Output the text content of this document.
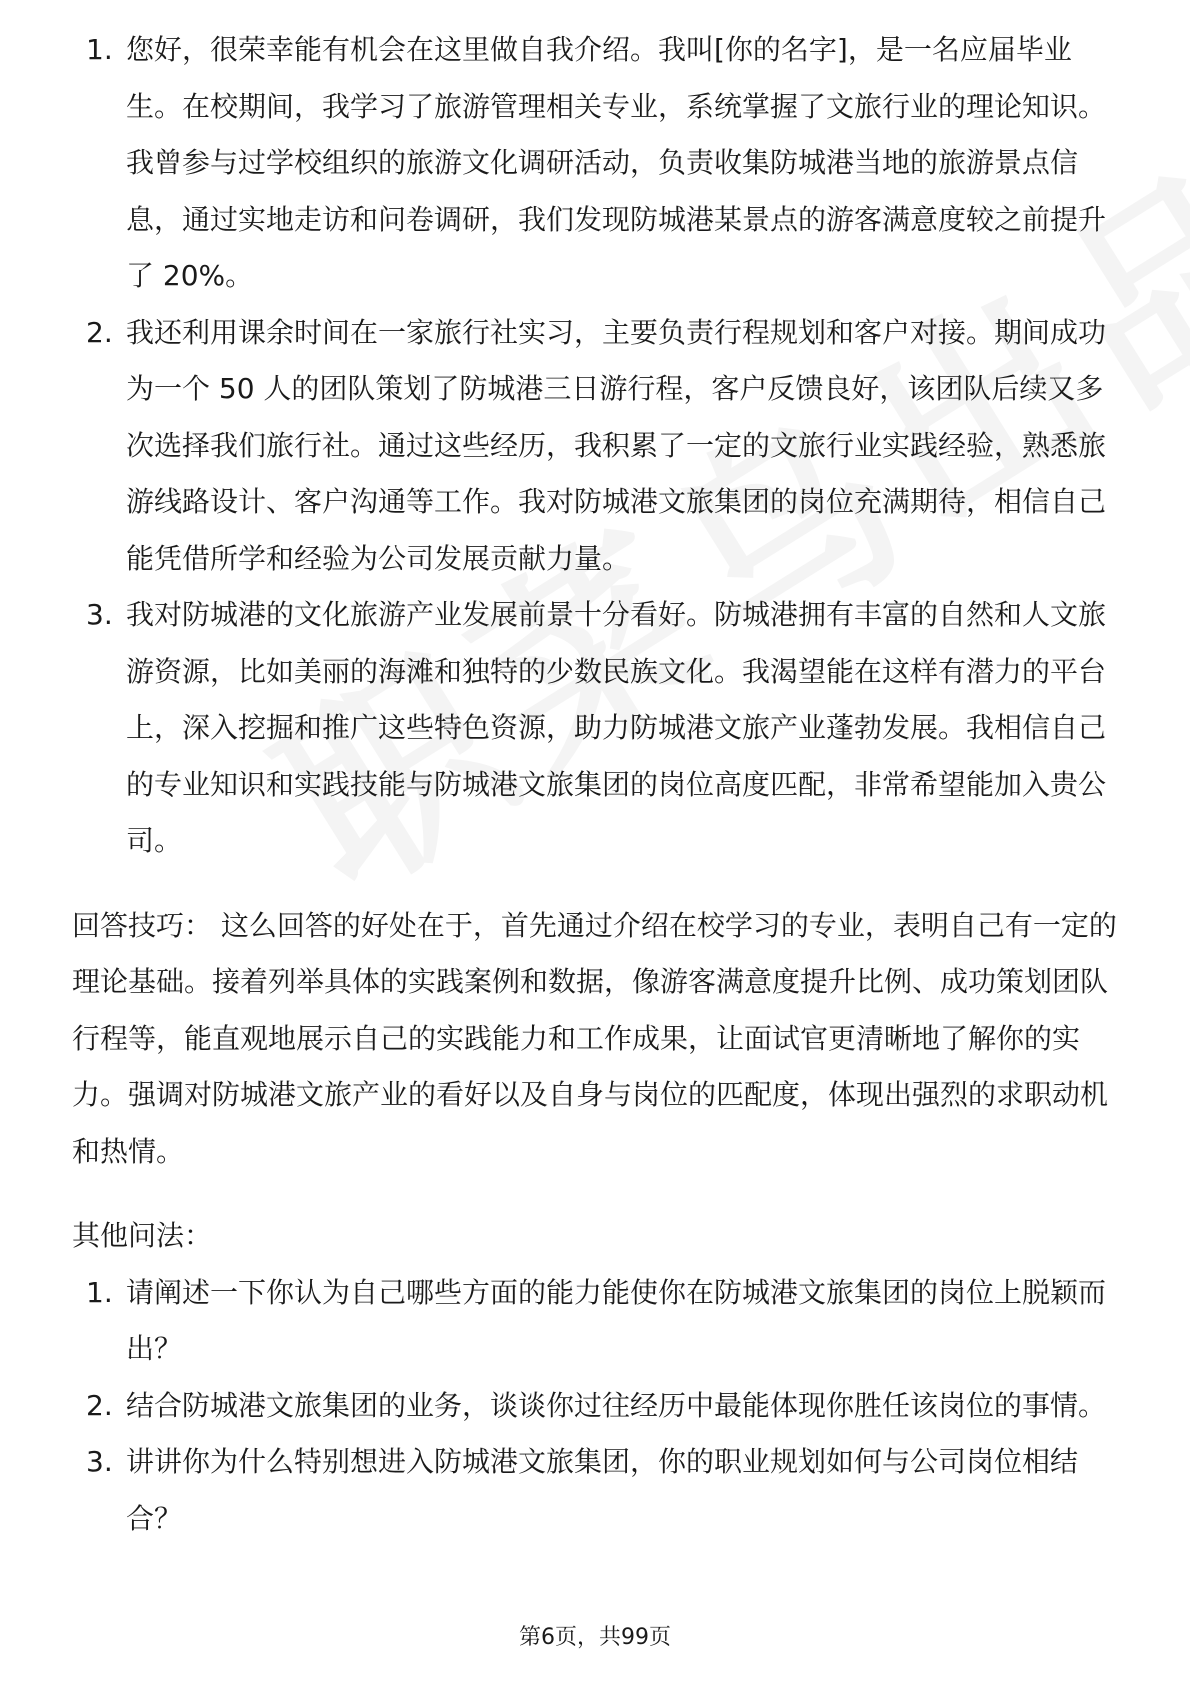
1. 您好，很荣幸能有机会在这里做自我介绍。我叫[你的名字]，是一名应届毕业生。在校期间，我学习了旅游管理相关专业，系统掌握了文旅行业的理论知识。我曾参与过学校组织的旅游文化调研活动，负责收集防城港当地的旅游景点信息，通过实地走访和问卷调研，我们发现防城港某景点的游客满意度较之前提升了 20%。
2. 我还利用课余时间在一家旅行社实习，主要负责行程规划和客户对接。期间成功为一个 50 人的团队策划了防城港三日游行程，客户反馈良好，该团队后续又多次选择我们旅行社。通过这些经历，我积累了一定的文旅行业实践经验，熟悉旅游线路设计、客户沟通等工作。我对防城港文旅集团的岗位充满期待，相信自己能凭借所学和经验为公司发展贡献力量。
3. 我对防城港的文化旅游产业发展前景十分看好。防城港拥有丰富的自然和人文旅游资源，比如美丽的海滩和独特的少数民族文化。我渴望能在这样有潜力的平台上，深入挖掘和推广这些特色资源，助力防城港文旅产业蓬勃发展。我相信自己的专业知识和实践技能与防城港文旅集团的岗位高度匹配，非常希望能加入贵公司。
回答技巧： 这么回答的好处在于，首先通过介绍在校学习的专业，表明自己有一定的理论基础。接着列举具体的实践案例和数据，像游客满意度提升比例、成功策划团队行程等，能直观地展示自己的实践能力和工作成果，让面试官更清晰地了解你的实力。强调对防城港文旅产业的看好以及自身与岗位的匹配度，体现出强烈的求职动机和热情。
其他问法：
1. 请阐述一下你认为自己哪些方面的能力能使你在防城港文旅集团的岗位上脱颖而出？
2. 结合防城港文旅集团的业务，谈谈你过往经历中最能体现你胜任该岗位的事情。
3. 讲讲你为什么特别想进入防城港文旅集团，你的职业规划如何与公司岗位相结合？
第6页，共99页
